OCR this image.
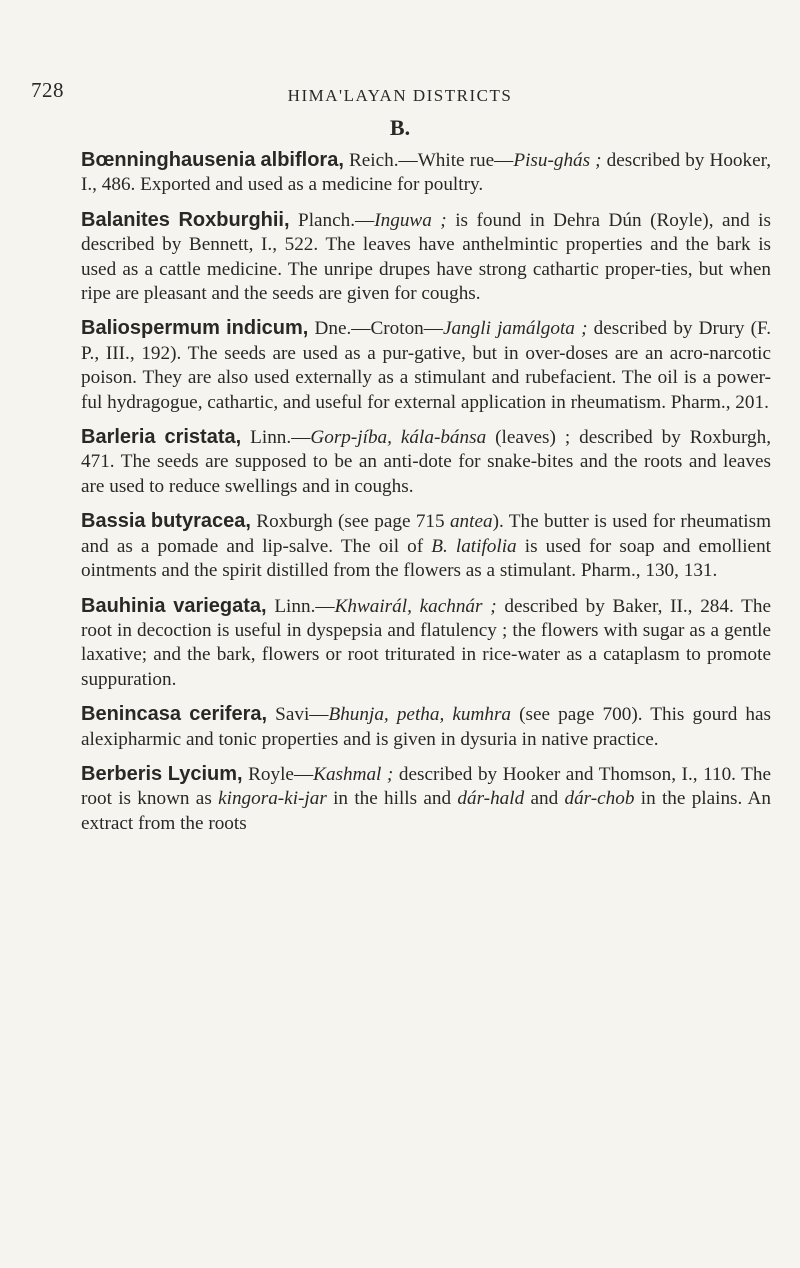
728	HIMA'LAYAN DISTRICTS
B.

Bœnninghausenia albiflora, Reich.—White rue—Pisu-ghás ; described by Hooker, I., 486. Exported and used as a medicine for poultry.

Balanites Roxburghii, Planch.—Inguwa ; is found in Dehra Dún (Royle), and is described by Bennett, I., 522. The leaves have anthelmintic properties and the bark is used as a cattle medicine. The unripe drupes have strong cathartic proper-ties, but when ripe are pleasant and the seeds are given for coughs.

Baliospermum indicum, Dne.—Croton—Jangli jamálgota ; described by Drury (F. P., III., 192). The seeds are used as a pur-gative, but in over-doses are an acro-narcotic poison. They are also used externally as a stimulant and rubefacient. The oil is a power-ful hydragogue, cathartic, and useful for external application in rheumatism. Pharm., 201.

Barleria cristata, Linn.—Gorp-jíba, kála-bánsa (leaves) ; described by Roxburgh, 471. The seeds are supposed to be an anti-dote for snake-bites and the roots and leaves are used to reduce swellings and in coughs.

Bassia butyracea, Roxburgh (see page 715 antea). The butter is used for rheumatism and as a pomade and lip-salve. The oil of B. latifolia is used for soap and emollient ointments and the spirit distilled from the flowers as a stimulant. Pharm., 130, 131.

Bauhinia variegata, Linn.—Khwairál, kachnár ; described by Baker, II., 284. The root in decoction is useful in dyspepsia and flatulency ; the flowers with sugar as a gentle laxative; and the bark, flowers or root triturated in rice-water as a cataplasm to promote suppuration.

Benincasa cerifera, Savi—Bhunja, petha, kumhra (see page 700). This gourd has alexipharmic and tonic properties and is given in dysuria in native practice.

Berberis Lycium, Royle—Kashmal ; described by Hooker and Thomson, I., 110. The root is known as kingora-ki-jar in the hills and dár-hald and dár-chob in the plains. An extract from the roots
